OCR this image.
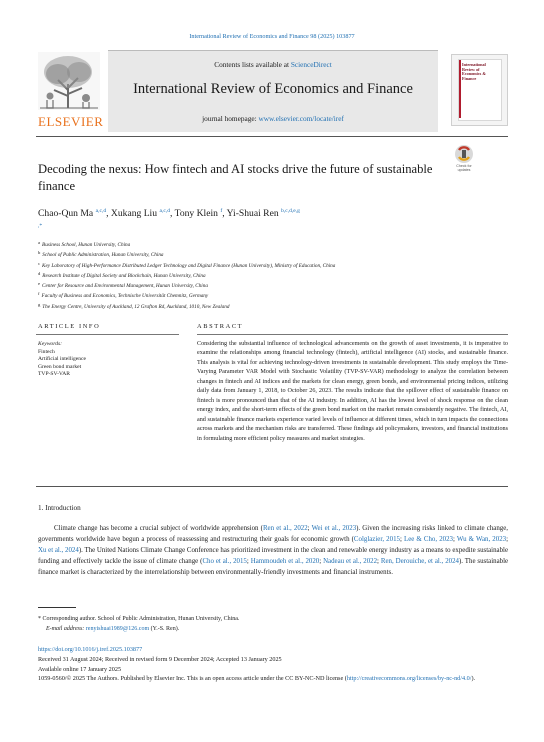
International Review of Economics and Finance 98 (2025) 103877
ELSEVIER
Contents lists available at ScienceDirect
International Review of Economics and Finance
journal homepage: www.elsevier.com/locate/iref
International Review of Economics & Finance
Decoding the nexus: How fintech and AI stocks drive the future of sustainable finance
Check for updates
Chao-Qun Ma $^{a,c,d}$, Xukang Liu $^{a,c,d}$, Tony Klein $^f$, Yi-Shuai Ren $^{b,c,d,e,g}$
,*
a Business School, Hunan University, China
b School of Public Administration, Hunan University, China
c Key Laboratory of High-Performance Distributed Ledger Technology and Digital Finance (Hunan University), Ministry of Education, China
d Research Institute of Digital Society and Blockchain, Hunan University, China
e Center for Resource and Environmental Management, Hunan University, China
f Faculty of Business and Economics, Technische Universität Chemnitz, Germany
g The Energy Centre, University of Auckland, 12 Grafton Rd, Auckland, 1010, New Zealand
ARTICLE INFO	ABSTRACT
Keywords:
Fintech
Artificial intelligence
Green bond market
TVP-SV-VAR
Considering the substantial influence of technological advancements on the growth of asset investments, it is imperative to examine the relationships among financial technology (fintech), artificial intelligence (AI) stocks, and sustainable finance. This analysis is vital for achieving technology-driven investments in sustainable development. This study employs the Time-Varying Parameter VAR Model with Stochastic Volatility (TVP-SV-VAR) methodology to analyze the correlation between changes in fintech and AI indices and the markets for clean energy, green bonds, and environmental pricing indices, utilizing daily data from January 1, 2018, to October 26, 2023. The results indicate that the spillover effect of sustainable finance on fintech is more pronounced than that of the AI industry. In addition, AI has the lowest level of shock response on the clean energy index, and the short-term effects of the green bond market on the market remain consistently negative. The fintech, AI, and sustainable finance markets experience varied levels of influence at different times, which in turn impacts the connections across markets and the mechanism risks are transferred. These findings aid policymakers, investors, and financial institutions in formulating more efficient policy measures and market strategies.
1. Introduction
Climate change has become a crucial subject of worldwide apprehension (Ren et al., 2022; Wei et al., 2023). Given the increasing risks linked to climate change, governments worldwide have begun a process of reassessing and restructuring their goals for economic growth (Colglazier, 2015; Lee & Cho, 2023; Wu & Wan, 2023; Xu et al., 2024). The United Nations Climate Change Conference has prioritized investment in the clean and renewable energy industry as a means to expedite sustainable funding and effectively tackle the issue of climate change (Cho et al., 2015; Hammoudeh et al., 2020; Nadeau et al., 2022; Ren, Derouiche, et al., 2024). The sustainable finance market is characterized by the interrelationship between environmentally-friendly investments and financial instruments.
* Corresponding author. School of Public Administration, Hunan University, China.
E-mail address: renyishuai1989@126.com (Y.-S. Ren).
https://doi.org/10.1016/j.iref.2025.103877
Received 31 August 2024; Received in revised form 9 December 2024; Accepted 13 January 2025
Available online 17 January 2025
1059-0560/© 2025 The Authors. Published by Elsevier Inc. This is an open access article under the CC BY-NC-ND license (http://creativecommons.org/licenses/by-nc-nd/4.0/).
